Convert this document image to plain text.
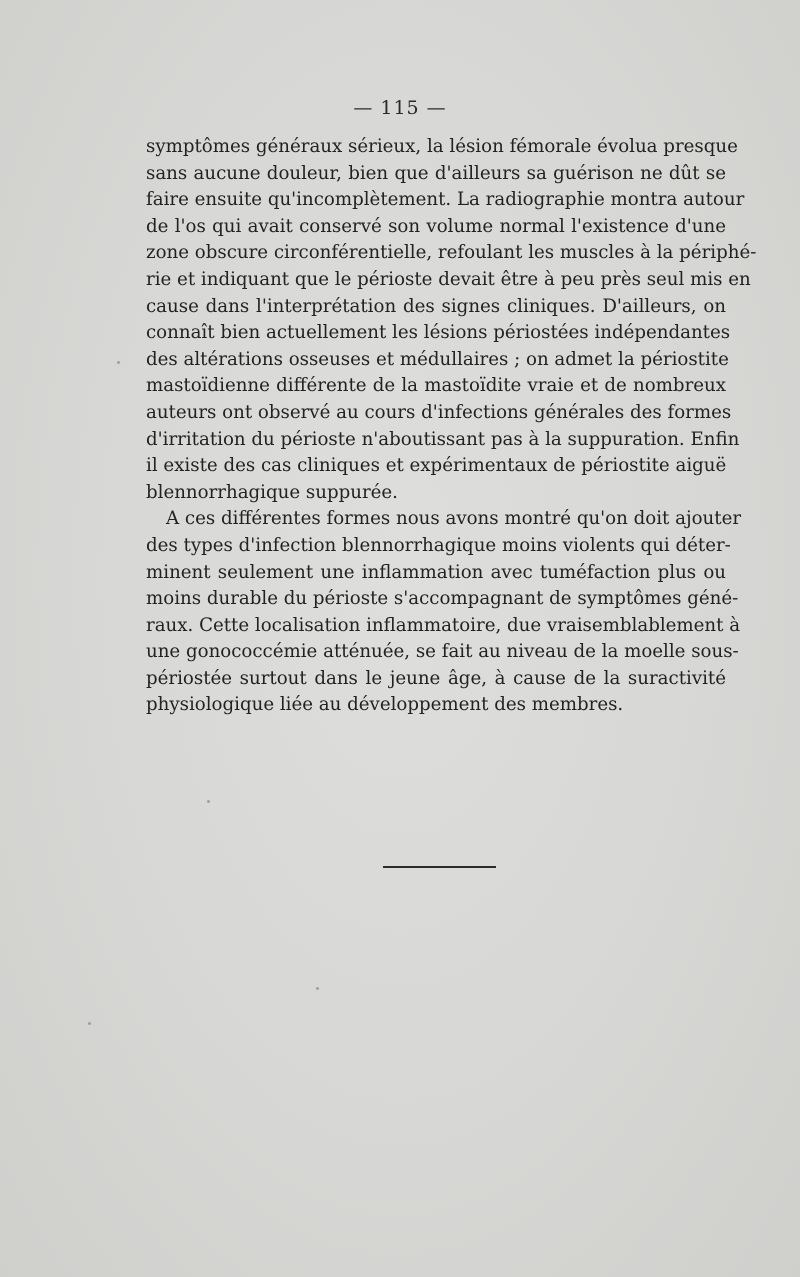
— 115 —
symptômes généraux sérieux, la lésion fémorale évolua presque
sans aucune douleur, bien que d'ailleurs sa guérison ne dût se
faire ensuite qu'incomplètement. La radiographie montra autour
de l'os qui avait conservé son volume normal l'existence d'une
zone obscure circonférentielle, refoulant les muscles à la périphé-
rie et indiquant que le périoste devait être à peu près seul mis en
cause dans l'interprétation des signes cliniques. D'ailleurs, on
connaît bien actuellement les lésions périostées indépendantes
des altérations osseuses et médullaires ; on admet la périostite
mastoïdienne différente de la mastoïdite vraie et de nombreux
auteurs ont observé au cours d'infections générales des formes
d'irritation du périoste n'aboutissant pas à la suppuration. Enfin
il existe des cas cliniques et expérimentaux de périostite aiguë
blennorrhagique suppurée.
A ces différentes formes nous avons montré qu'on doit ajouter
des types d'infection blennorrhagique moins violents qui déter-
minent seulement une inflammation avec tuméfaction plus ou
moins durable du périoste s'accompagnant de symptômes géné-
raux. Cette localisation inflammatoire, due vraisemblablement à
une gonococcémie atténuée, se fait au niveau de la moelle sous-
périostée surtout dans le jeune âge, à cause de la suractivité
physiologique liée au développement des membres.
